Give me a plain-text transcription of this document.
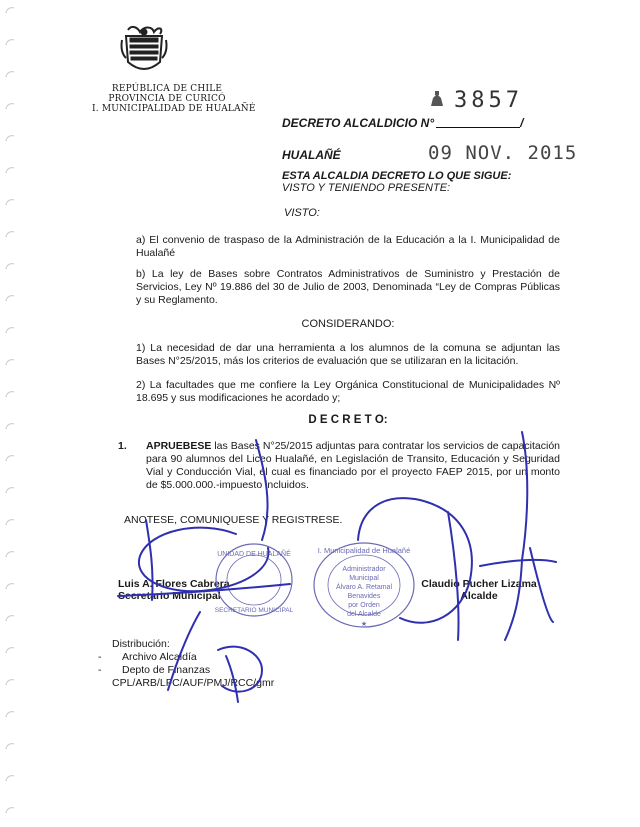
REPÚBLICA DE CHILE
PROVINCIA DE CURICÓ
I. MUNICIPALIDAD DE HUALAÑÉ	3857
DECRETO ALCALDICIO N°	/
HUALAÑÉ	09 NOV. 2015
ESTA ALCALDIA DECRETO LO QUE SIGUE:
VISTO Y TENIENDO PRESENTE:
VISTO:
a) El convenio de traspaso de la Administración de la Educación a la I. Municipalidad de Hualañé
b) La ley de Bases sobre Contratos Administrativos de Suministro y Prestación de Servicios, Ley Nº 19.886 del 30 de Julio de 2003, Denominada “Ley de Compras Públicas y su Reglamento.
CONSIDERANDO:
1) La necesidad de dar una herramienta a los alumnos de la comuna se adjuntan las Bases N°25/2015, más los criterios de evaluación que se utilizaran en la licitación.
2) La facultades que me confiere la Ley Orgánica Constitucional de Municipalidades Nº 18.695 y sus modificaciones he acordado y;
D E C R E T O:
1.	APRUEBESE las Bases N°25/2015 adjuntas para contratar los servicios de capacitación para 90 alumnos del Liceo Hualañé, en Legislación de Transito, Educación y Seguridad Vial y Conducción Vial, el cual es financiado por el proyecto FAEP 2015, por un monto de $5.000.000.-impuesto incluidos.
ANOTESE, COMUNIQUESE Y REGISTRESE.
Luis A. Flores Cabrera
Secretario Municipal
Claudio Pucher Lizama
Alcalde
UNIDAD DE HUALAÑÉ
SECRETARIO MUNICIPAL
I. Municipalidad de Hualañé
Administrador
Municipal
Álvaro A. Retamal
Benavides
por Orden
del Alcalde
★
Distribución:
-	Archivo Alcaldía
-	Depto de Finanzas
CPL/ARB/LFC/AUF/PMJ/RCC/gmr
